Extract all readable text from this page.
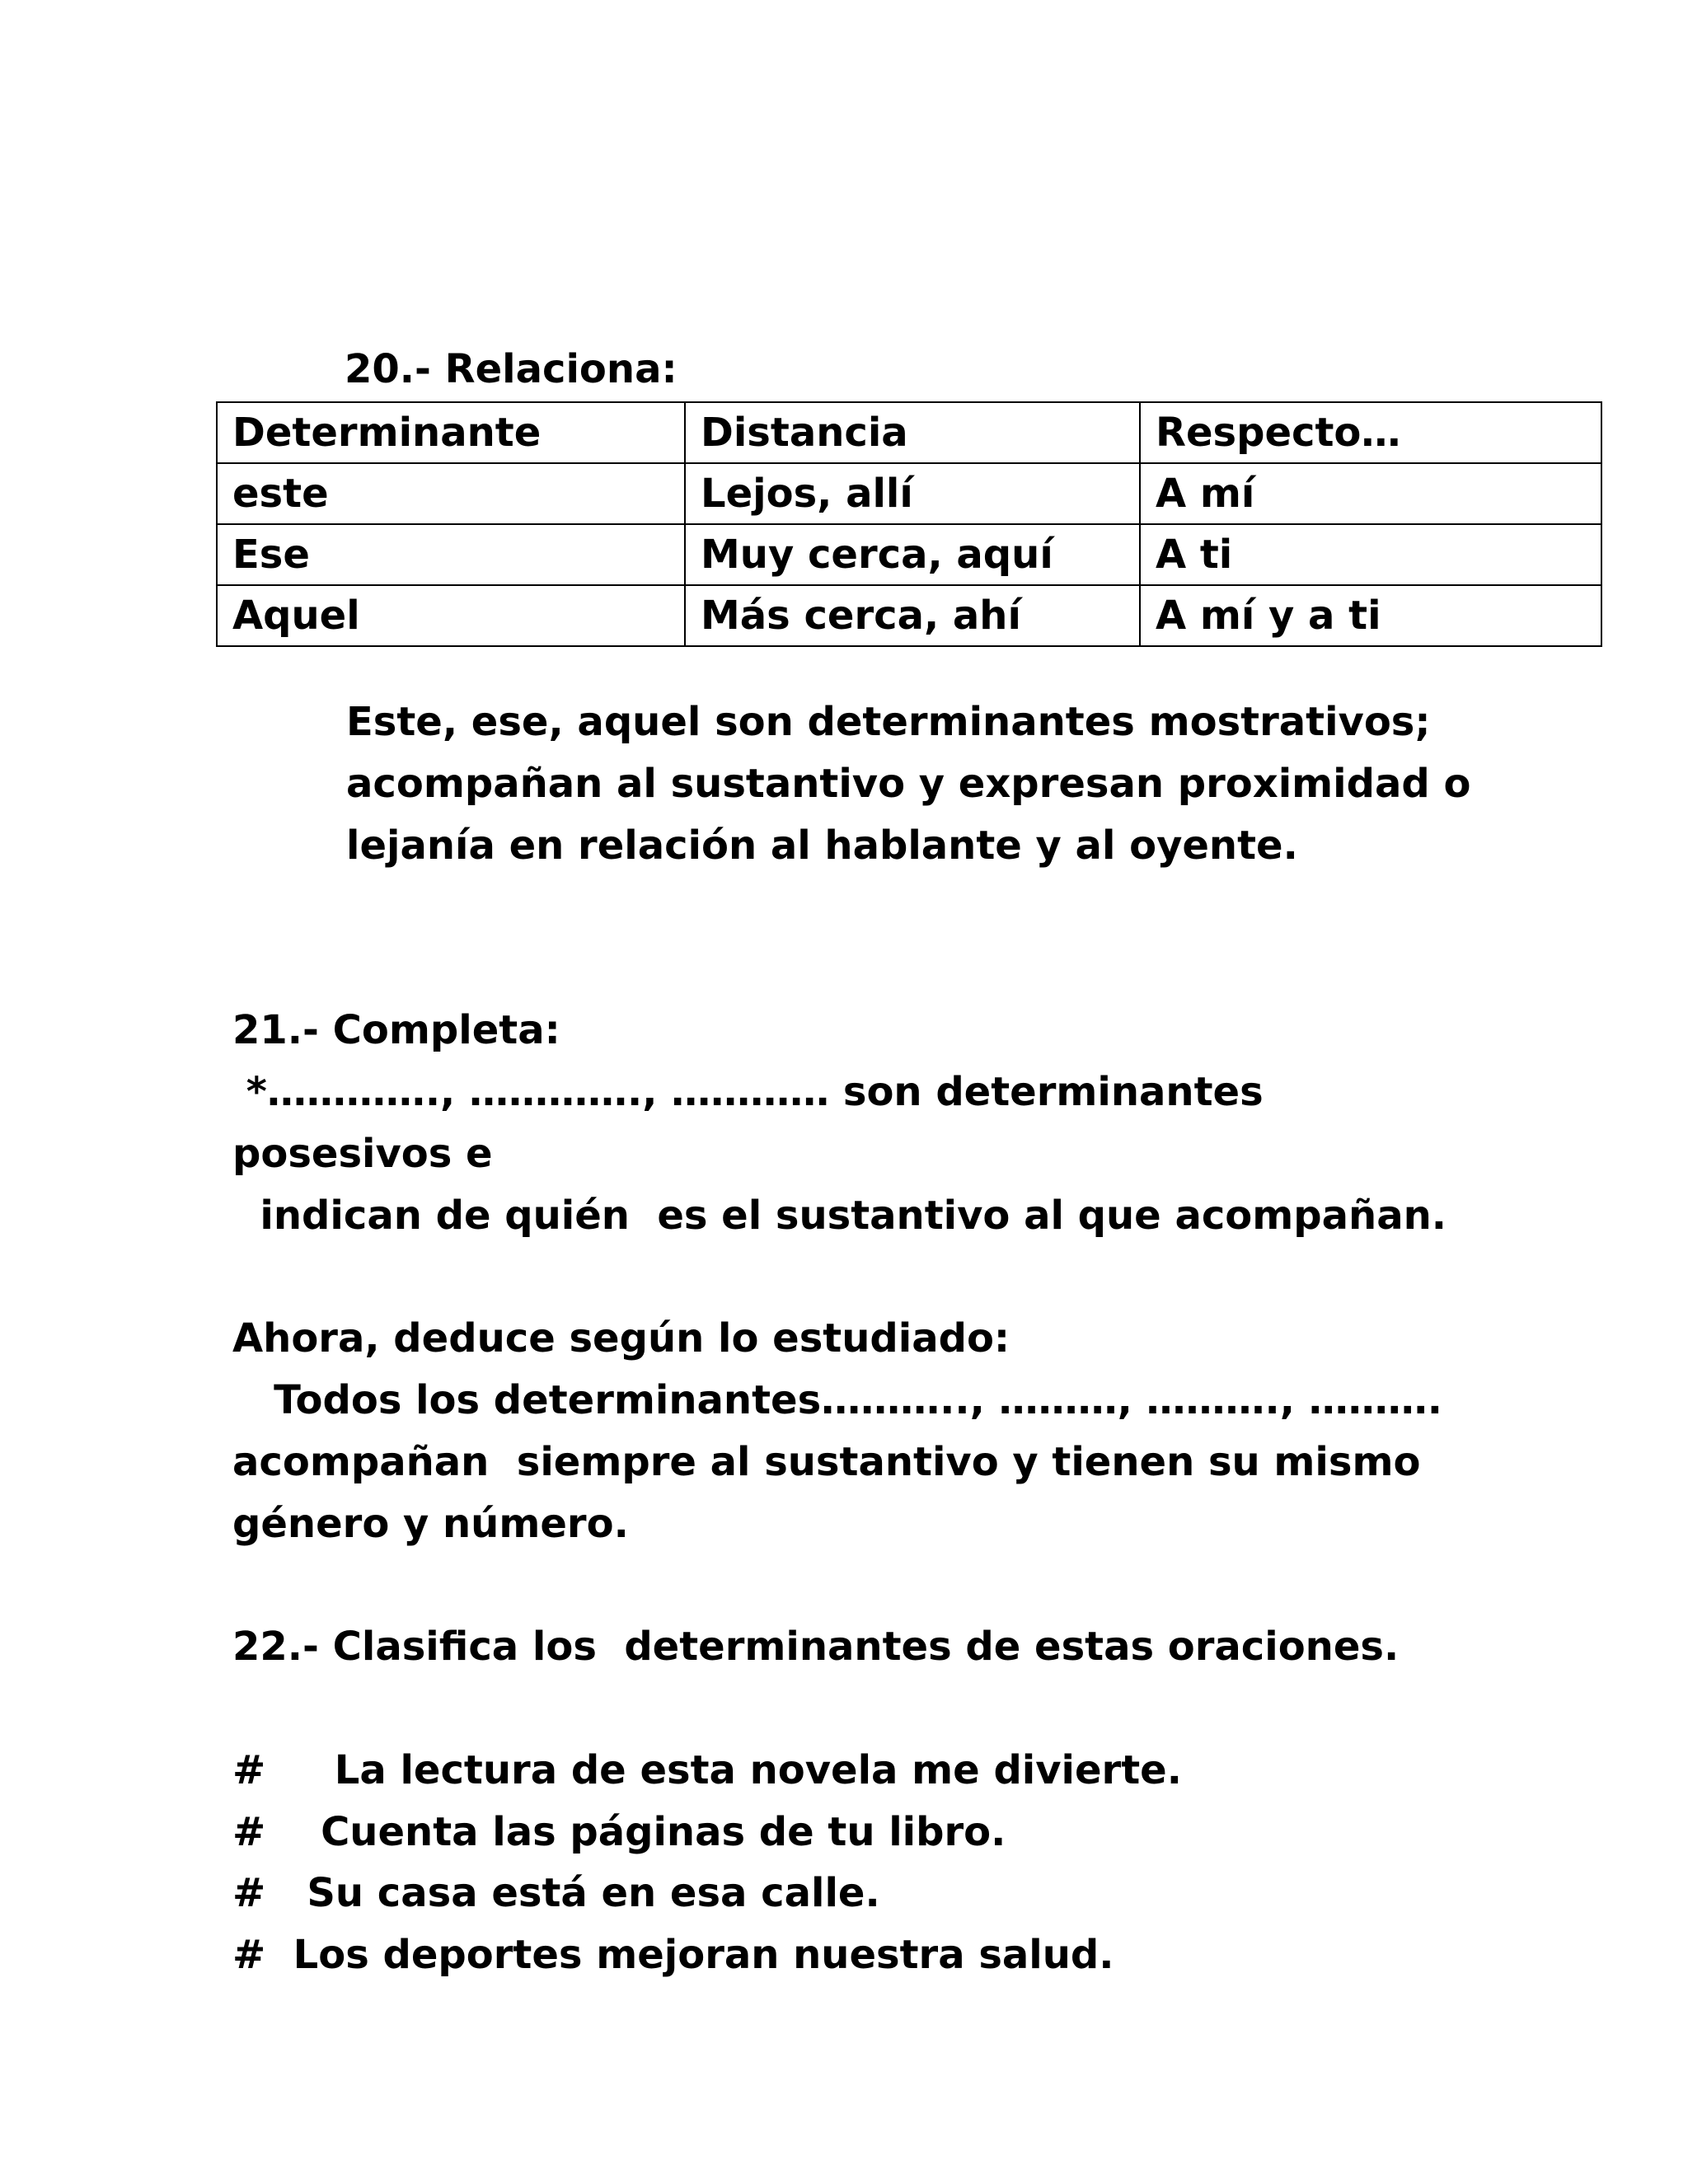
20.- Relaciona:

Determinante	Distancia	Respecto…
este	Lejos, allí	A mí
Ese	Muy cerca, aquí	A ti
Aquel	Más cerca, ahí	A mí y a ti

Este, ese, aquel son determinantes mostrativos;

acompañan al sustantivo y expresan proximidad o

lejanía en relación al hablante y al oyente.

21.- Completa:

*…………., …………., ………… son determinantes

posesivos e

indican de quién  es el sustantivo al que acompañan.

Ahora, deduce según lo estudiado:

Todos los determinantes……….., ………, ………., ……….

acompañan  siempre al sustantivo y tienen su mismo

género y número.

22.- Clasifica los  determinantes de estas oraciones.

#     La lectura de esta novela me divierte.

#    Cuenta las páginas de tu libro.

#   Su casa está en esa calle.

#  Los deportes mejoran nuestra salud.
